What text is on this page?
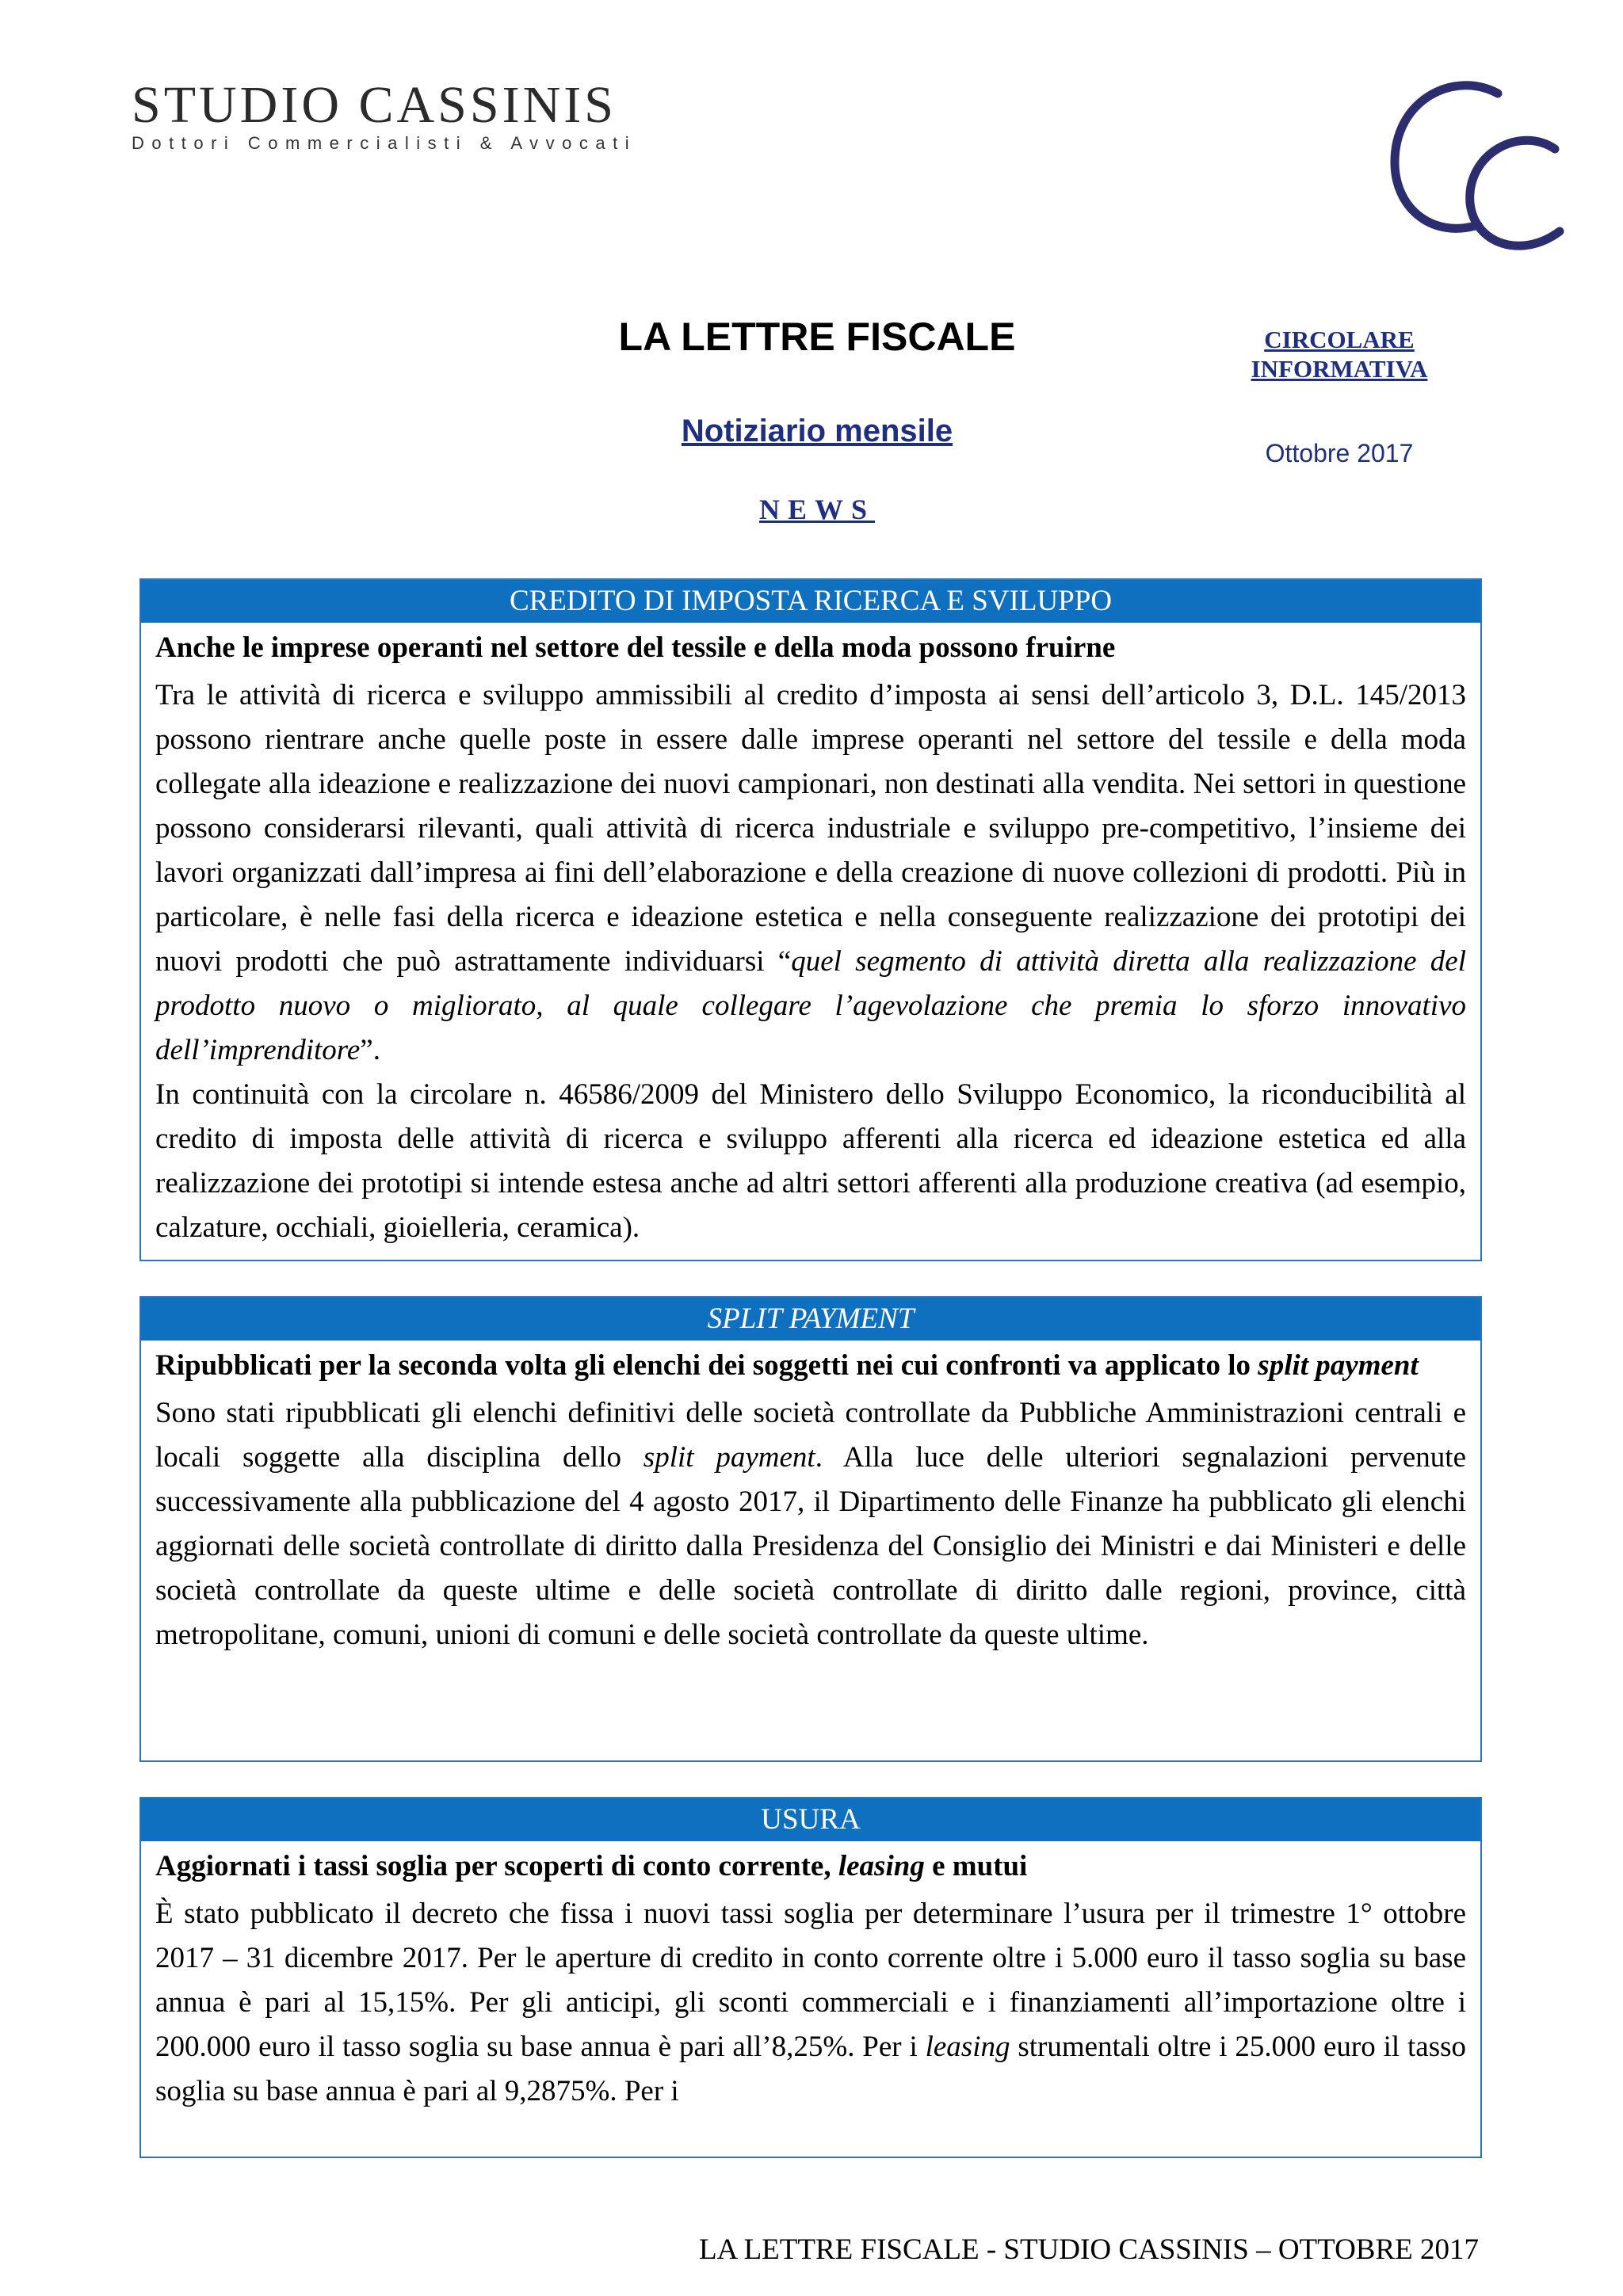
STUDIO CASSINIS
Dottori Commercialisti & Avvocati
LA LETTRE FISCALE
Notiziario mensile
NEWS
CIRCOLARE
INFORMATIVA
Ottobre 2017
CREDITO DI IMPOSTA RICERCA E SVILUPPO
Anche le imprese operanti nel settore del tessile e della moda possono fruirne

Tra le attività di ricerca e sviluppo ammissibili al credito d’imposta ai sensi dell’articolo 3, D.L. 145/2013 possono rientrare anche quelle poste in essere dalle imprese operanti nel settore del tessile e della moda collegate alla ideazione e realizzazione dei nuovi campionari, non destinati alla vendita. Nei settori in questione possono considerarsi rilevanti, quali attività di ricerca industriale e sviluppo pre-competitivo, l’insieme dei lavori organizzati dall’impresa ai fini dell’elaborazione e della creazione di nuove collezioni di prodotti. Più in particolare, è nelle fasi della ricerca e ideazione estetica e nella conseguente realizzazione dei prototipi dei nuovi prodotti che può astrattamente individuarsi “quel segmento di attività diretta alla realizzazione del prodotto nuovo o migliorato, al quale collegare l’agevolazione che premia lo sforzo innovativo dell’imprenditore”.

In continuità con la circolare n. 46586/2009 del Ministero dello Sviluppo Economico, la riconducibilità al credito di imposta delle attività di ricerca e sviluppo afferenti alla ricerca ed ideazione estetica ed alla realizzazione dei prototipi si intende estesa anche ad altri settori afferenti alla produzione creativa (ad esempio, calzature, occhiali, gioielleria, ceramica).

SPLIT PAYMENT
Ripubblicati per la seconda volta gli elenchi dei soggetti nei cui confronti va applicato lo split payment

Sono stati ripubblicati gli elenchi definitivi delle società controllate da Pubbliche Amministrazioni centrali e locali soggette alla disciplina dello split payment. Alla luce delle ulteriori segnalazioni pervenute successivamente alla pubblicazione del 4 agosto 2017, il Dipartimento delle Finanze ha pubblicato gli elenchi aggiornati delle società controllate di diritto dalla Presidenza del Consiglio dei Ministri e dai Ministeri e delle società controllate da queste ultime e delle società controllate di diritto dalle regioni, province, città metropolitane, comuni, unioni di comuni e delle società controllate da queste ultime.

USURA
Aggiornati i tassi soglia per scoperti di conto corrente, leasing e mutui

È stato pubblicato il decreto che fissa i nuovi tassi soglia per determinare l’usura per il trimestre 1° ottobre 2017 – 31 dicembre 2017. Per le aperture di credito in conto corrente oltre i 5.000 euro il tasso soglia su base annua è pari al 15,15%. Per gli anticipi, gli sconti commerciali e i finanziamenti all’importazione oltre i 200.000 euro il tasso soglia su base annua è pari all’8,25%. Per i leasing strumentali oltre i 25.000 euro il tasso soglia su base annua è pari al 9,2875%. Per i

LA LETTRE FISCALE - STUDIO CASSINIS – OTTOBRE 2017
